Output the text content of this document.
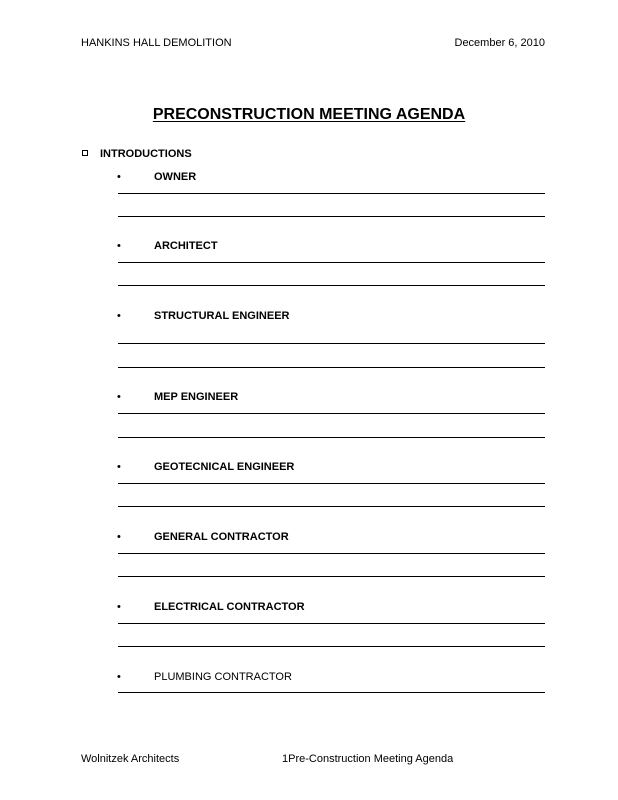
HANKINS HALL DEMOLITION	December 6, 2010
PRECONSTRUCTION MEETING AGENDA
INTRODUCTIONS
•	OWNER
•	ARCHITECT
•	STRUCTURAL ENGINEER
•	MEP ENGINEER
•	GEOTECNICAL ENGINEER
•	GENERAL CONTRACTOR
•	ELECTRICAL CONTRACTOR
•	PLUMBING CONTRACTOR
Wolnitzek Architects	1Pre-Construction Meeting Agenda
